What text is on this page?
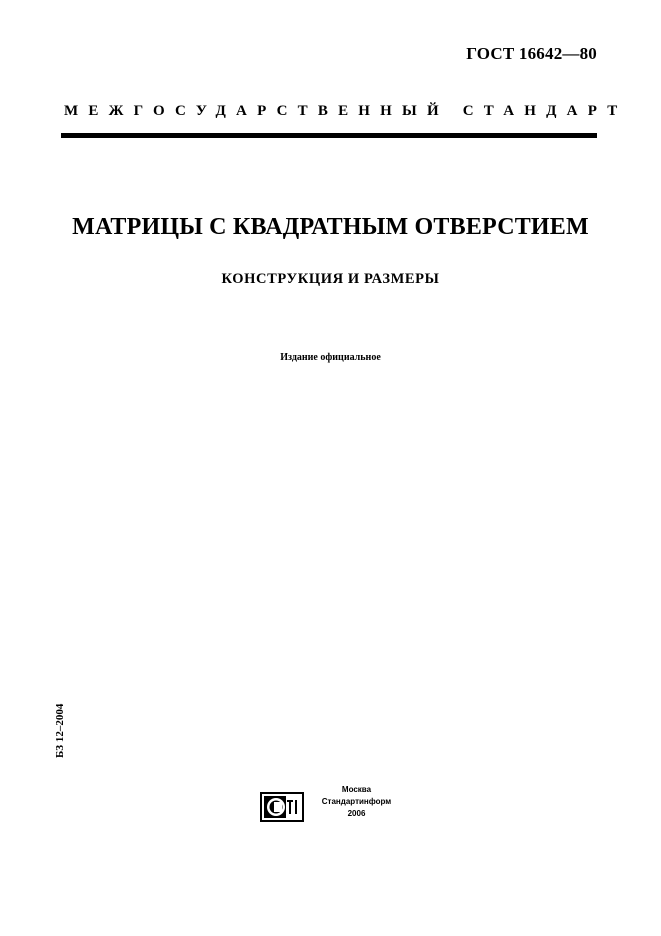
ГОСТ 16642—80
МЕЖГОСУДАРСТВЕННЫЙ СТАНДАРТ
МАТРИЦЫ С КВАДРАТНЫМ ОТВЕРСТИЕМ
КОНСТРУКЦИЯ И РАЗМЕРЫ
Издание официальное
БЗ 12–2004
Москва
Стандартинформ
2006
